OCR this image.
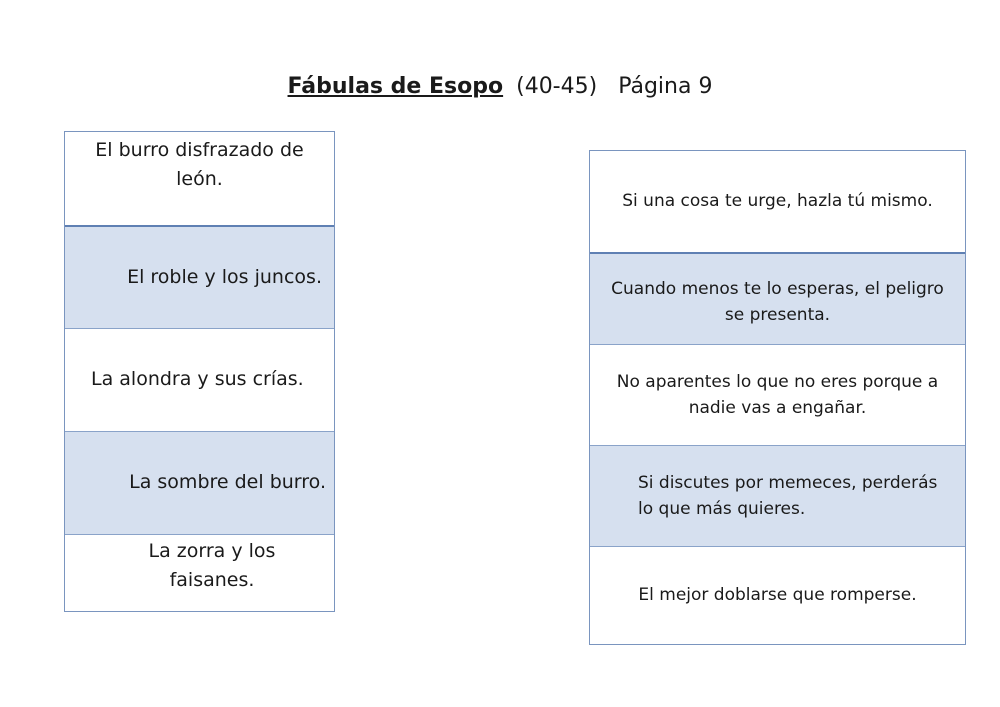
Fábulas de Esopo (40-45) Página 9
El burro disfrazado de león.
El roble y los juncos.
La alondra y sus crías.
La sombre del burro.
La zorra y los faisanes.
Si una cosa te urge, hazla tú mismo.
Cuando menos te lo esperas, el peligro se presenta.
No aparentes lo que no eres porque a nadie vas a engañar.
Si discutes por memeces, perderás lo que más quieres.
El mejor doblarse que romperse.
